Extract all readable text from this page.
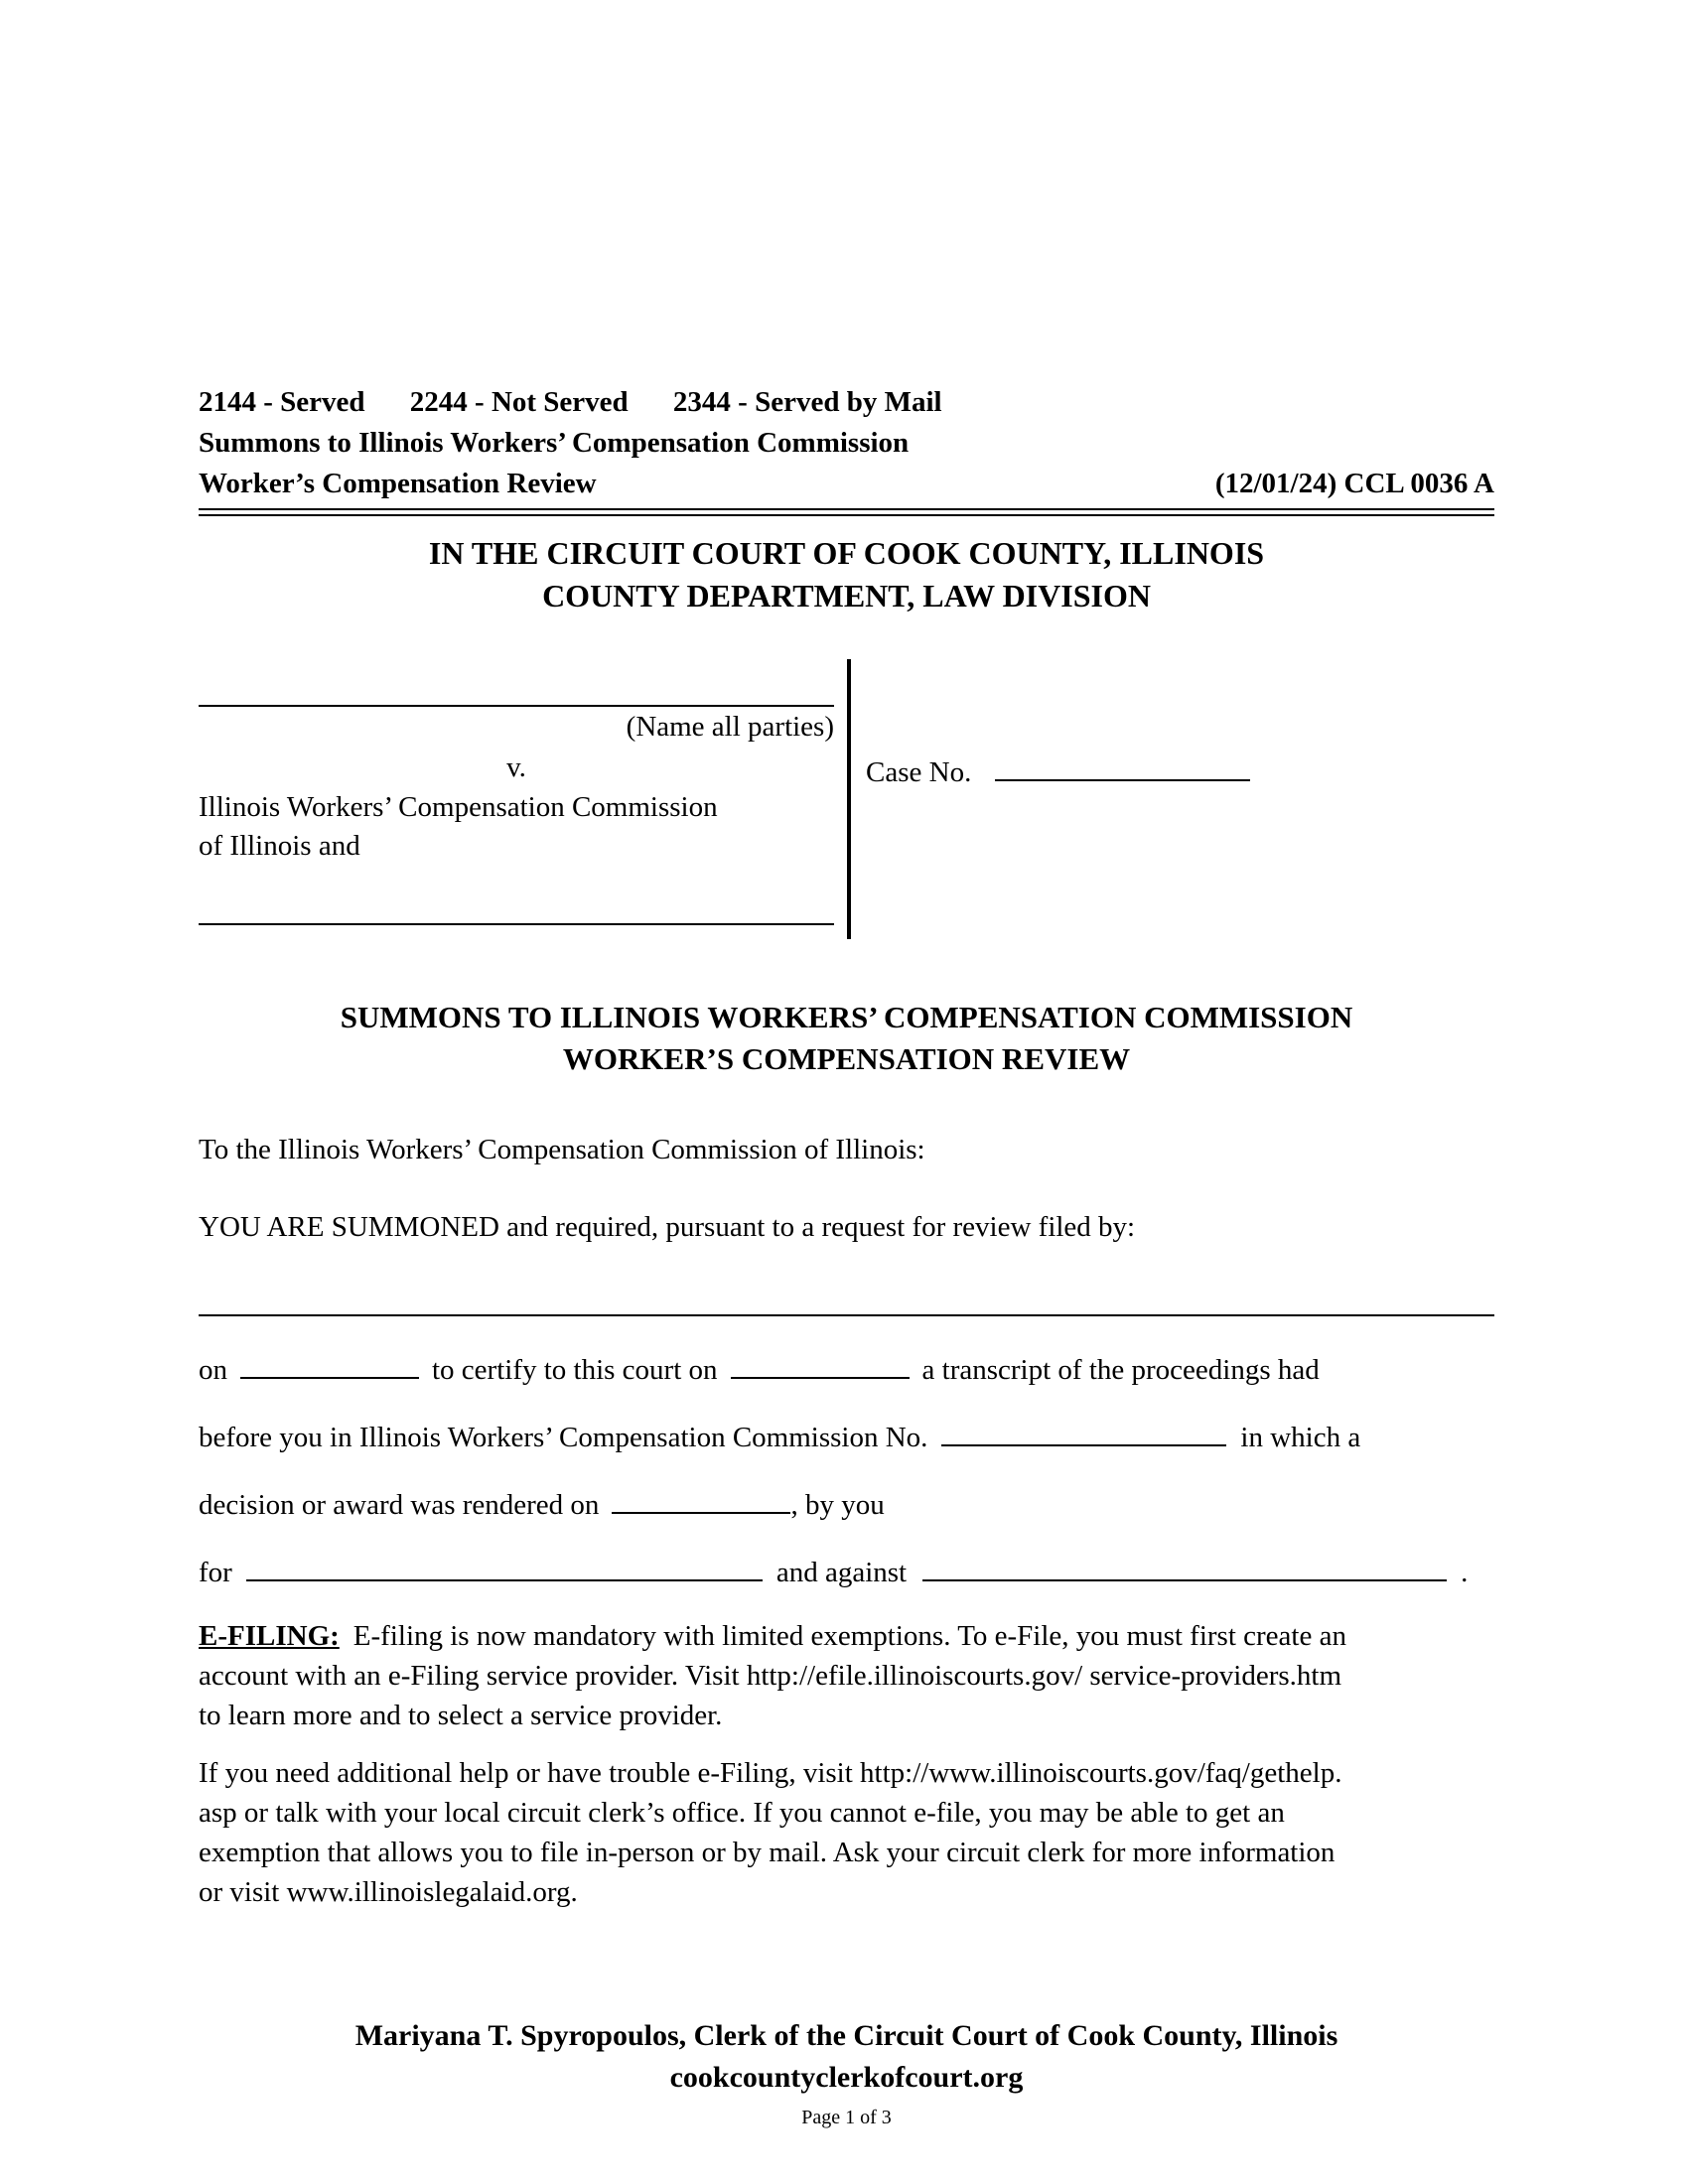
2144 - Served 2244 - Not Served 2344 - Served by Mail
Summons to Illinois Workers’ Compensation Commission
Worker’s Compensation Review	(12/01/24) CCL 0036 A
IN THE CIRCUIT COURT OF COOK COUNTY, ILLINOIS
COUNTY DEPARTMENT, LAW DIVISION
(Name all parties)
v.
Illinois Workers’ Compensation Commission
of Illinois and
Case No.
SUMMONS TO ILLINOIS WORKERS’ COMPENSATION COMMISSION
WORKER’S COMPENSATION REVIEW
To the Illinois Workers’ Compensation Commission of Illinois:
YOU ARE SUMMONED and required, pursuant to a request for review filed by:
on	to certify to this court on	a transcript of the proceedings had
before you in Illinois Workers’ Compensation Commission No.	in which a
decision or award was rendered on	, by you
for	and against	.
E-FILING: E-filing is now mandatory with limited exemptions. To e-File, you must first create an
account with an e-Filing service provider. Visit http://efile.illinoiscourts.gov/ service-providers.htm
to learn more and to select a service provider.
If you need additional help or have trouble e-Filing, visit http://www.illinoiscourts.gov/faq/gethelp.
asp or talk with your local circuit clerk’s office. If you cannot e-file, you may be able to get an
exemption that allows you to file in-person or by mail. Ask your circuit clerk for more information
or visit www.illinoislegalaid.org.
Mariyana T. Spyropoulos, Clerk of the Circuit Court of Cook County, Illinois
cookcountyclerkofcourt.org
Page 1 of 3
